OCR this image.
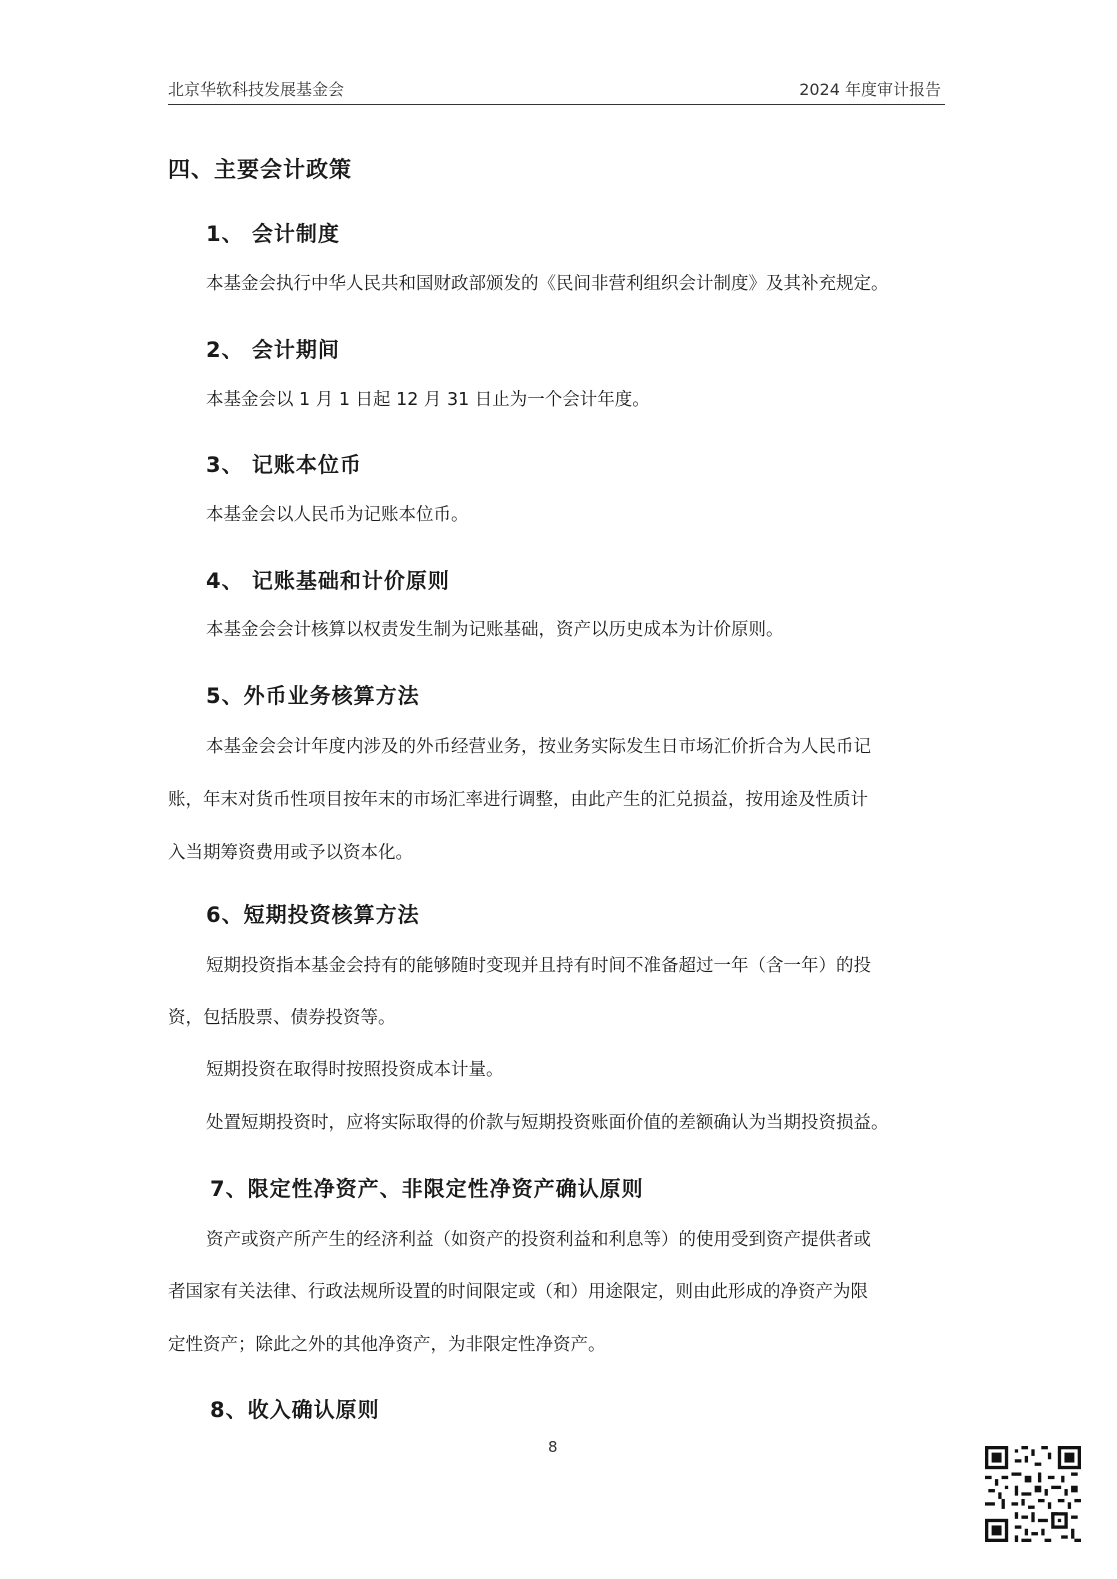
北京华软科技发展基金会	2024 年度审计报告
四、主要会计政策
1、 会计制度
本基金会执行中华人民共和国财政部颁发的《民间非营利组织会计制度》及其补充规定。
2、 会计期间
本基金会以 1 月 1 日起 12 月 31 日止为一个会计年度。
3、 记账本位币
本基金会以人民币为记账本位币。
4、 记账基础和计价原则
本基金会会计核算以权责发生制为记账基础，资产以历史成本为计价原则。
5、外币业务核算方法
本基金会会计年度内涉及的外币经营业务，按业务实际发生日市场汇价折合为人民币记
账，年末对货币性项目按年末的市场汇率进行调整，由此产生的汇兑损益，按用途及性质计
入当期筹资费用或予以资本化。
6、短期投资核算方法
短期投资指本基金会持有的能够随时变现并且持有时间不准备超过一年（含一年）的投
资，包括股票、债券投资等。
短期投资在取得时按照投资成本计量。
处置短期投资时，应将实际取得的价款与短期投资账面价值的差额确认为当期投资损益。
7、限定性净资产、非限定性净资产确认原则
资产或资产所产生的经济利益（如资产的投资利益和利息等）的使用受到资产提供者或
者国家有关法律、行政法规所设置的时间限定或（和）用途限定，则由此形成的净资产为限
定性资产；除此之外的其他净资产，为非限定性净资产。
8、收入确认原则
8
